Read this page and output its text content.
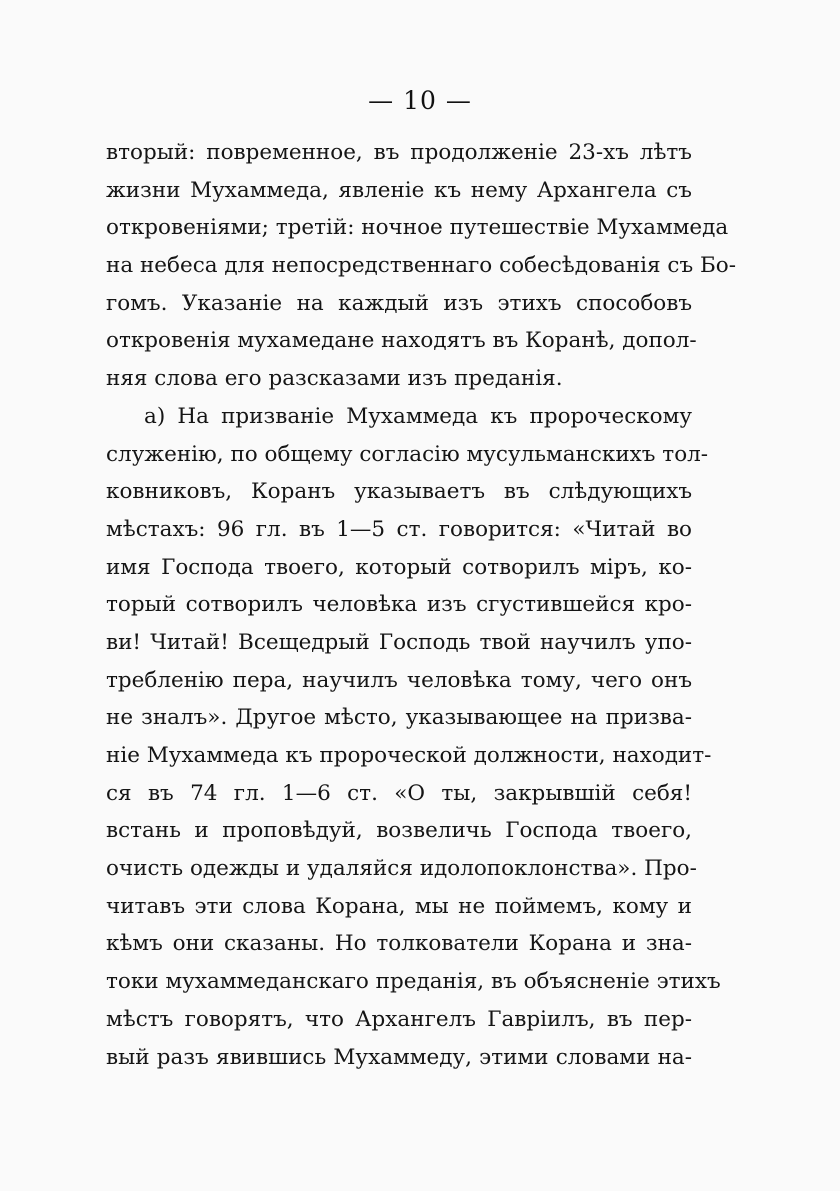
— 10 —
вторый: повременное, въ продолженіе 23-хъ лѣтъ
жизни Мухаммеда, явленіе къ нему Архангела съ
откровеніями; третій: ночное путешествіе Мухаммеда
на небеса для непосредственнаго собесѣдованія съ Бо-
гомъ. Указаніе на каждый изъ этихъ способовъ
откровенія мухамедане находятъ въ Коранѣ, допол-
няя слова его разсказами изъ преданія.
а) На призваніе Мухаммеда къ пророческому
служенію, по общему согласію мусульманскихъ тол-
ковниковъ, Коранъ указываетъ въ слѣдующихъ
мѣстахъ: 96 гл. въ 1—5 ст. говорится: «Читай во
имя Господа твоего, который сотворилъ міръ, ко-
торый сотворилъ человѣка изъ сгустившейся кро-
ви! Читай! Всещедрый Господь твой научилъ упо-
треблeнію пера, научилъ человѣка тому, чего онъ
не зналъ». Другое мѣсто, указывающее на призва-
ніе Мухаммеда къ пророческой должности, находит-
ся въ 74 гл. 1—6 ст. «О ты, закрывшій себя!
встань и проповѣдуй, возвеличь Господа твоего,
очисть одежды и удаляйся идолопоклонства». Про-
читавъ эти слова Корана, мы не поймемъ, кому и
кѣмъ они сказаны. Но толкователи Корана и зна-
токи мухаммеданскаго преданія, въ объясненіе этихъ
мѣстъ говорятъ, что Архангелъ Гавріилъ, въ пер-
вый разъ явившись Мухаммеду, этими словами на-
